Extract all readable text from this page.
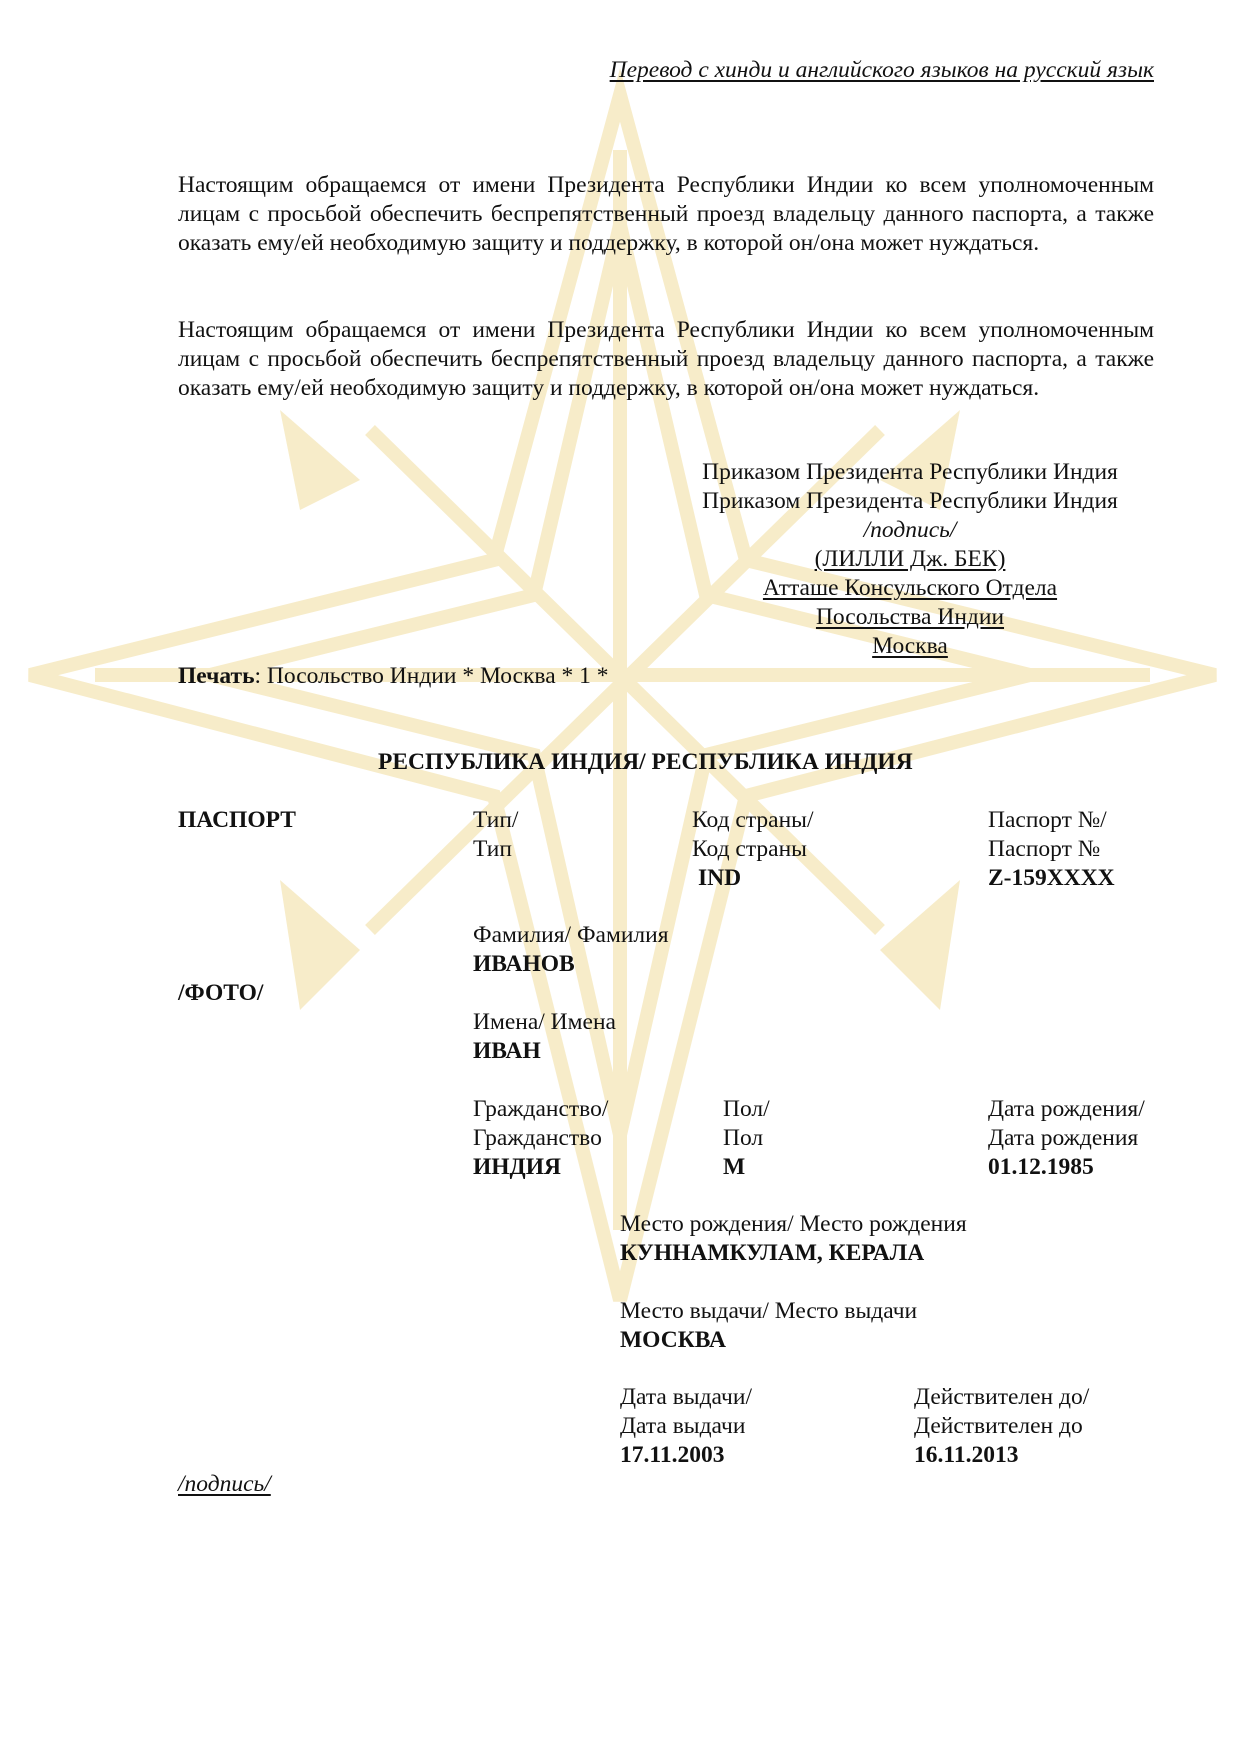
Перевод с хинди и английского языков на русский язык

Настоящим обращаемся от имени Президента Республики Индии ко всем уполномоченным лицам с просьбой обеспечить беспрепятственный проезд владельцу данного паспорта, а также оказать ему/ей необходимую защиту и поддержку, в которой он/она может нуждаться.

Настоящим обращаемся от имени Президента Республики Индии ко всем уполномоченным лицам с просьбой обеспечить беспрепятственный проезд владельцу данного паспорта, а также оказать ему/ей необходимую защиту и поддержку, в которой он/она может нуждаться.

Приказом Президента Республики Индия
Приказом Президента Республики Индия
/подпись/
(ЛИЛЛИ Дж. БЕК)
Атташе Консульского Отдела
Посольства Индии
Москва
Печать: Посольство Индии * Москва * 1 *
РЕСПУБЛИКА ИНДИЯ/ РЕСПУБЛИКА ИНДИЯ
ПАСПОРТ	Тип/
Тип
Код страны/
Код страны
IND
Паспорт №/
Паспорт №
Z-159XXXX
Фамилия/ Фамилия
ИВАНОВ
/ФОТО/
Имена/ Имена
ИВАН
Гражданство/
Гражданство
ИНДИЯ
Пол/
Пол
М
Дата рождения/
Дата рождения
01.12.1985
Место рождения/ Место рождения
КУННАМКУЛАМ, КЕРАЛА
Место выдачи/ Место выдачи
МОСКВА
Дата выдачи/
Дата выдачи
17.11.2003
Действителен до/
Действителен до
16.11.2013
/подпись/
